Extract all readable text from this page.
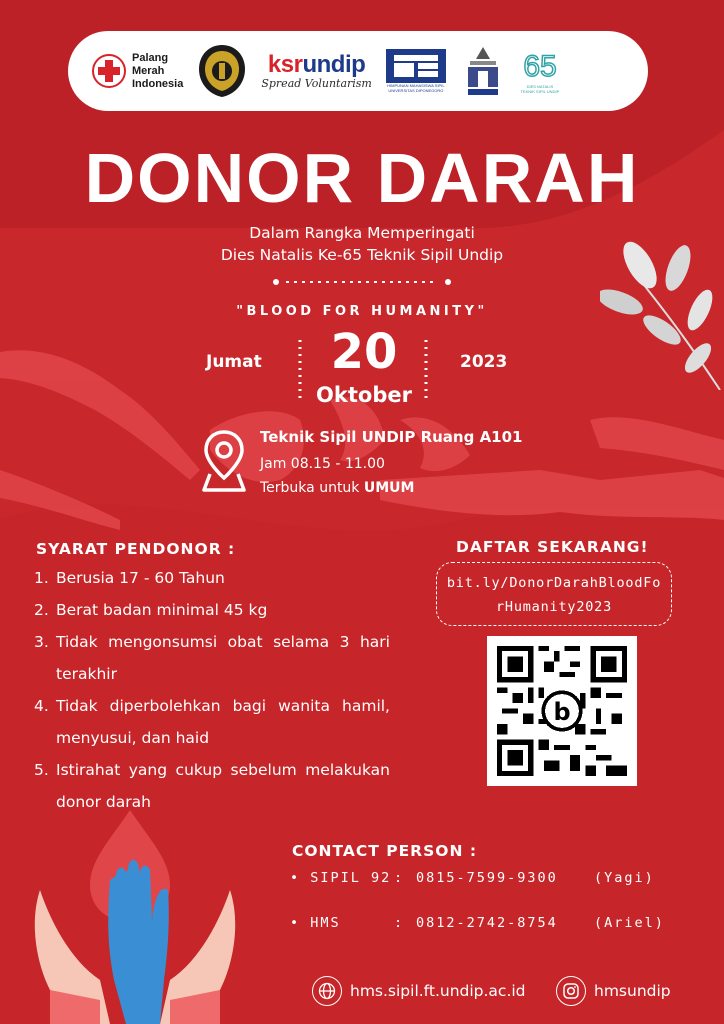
Palang
Merah
Indonesia
ksrundip
Spread Voluntarism	HIMPUNAN MAHASISWA SIPIL
UNIVERSITAS DIPONEGORO
65
DIES NATALIS
TEKNIK SIPIL UNDIP
DONOR DARAH
Dalam Rangka Memperingati
Dies Natalis Ke-65 Teknik Sipil Undip
"BLOOD FOR HUMANITY"
Jumat	20
Oktober
2023
Teknik Sipil UNDIP Ruang A101
Jam 08.15 - 11.00
Terbuka untuk UMUM
SYARAT PENDONOR :
1. Berusia 17 - 60 Tahun
2. Berat badan minimal 45 kg
3. Tidak mengonsumsi obat selama 3 hari terakhir
4. Tidak diperbolehkan bagi wanita hamil, menyusui, dan haid
5. Istirahat yang cukup sebelum melakukan donor darah
DAFTAR SEKARANG!
bit.ly/DonorDarahBloodForHumanity2023
b
CONTACT PERSON :
• SIPIL 92 : 0815-7599-9300	(Yagi)
• HMS	: 0812-2742-8754	(Ariel)
hms.sipil.ft.undip.ac.id	hmsundip
